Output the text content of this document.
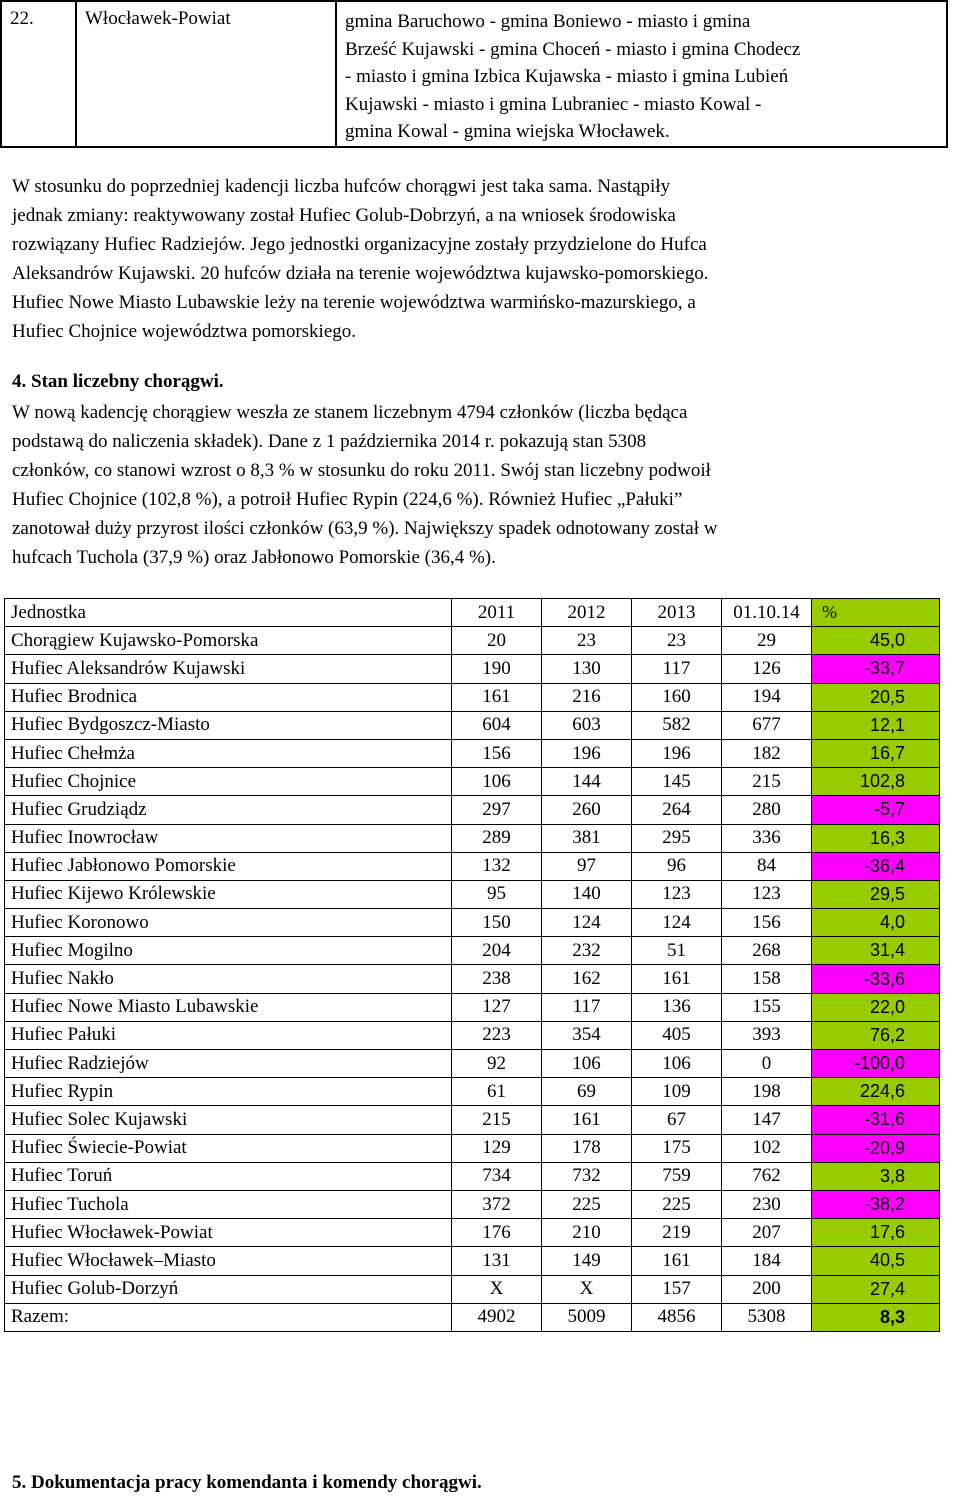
22.	Włocławek-Powiat	gmina Baruchowo - gmina Boniewo - miasto i gmina
Brześć Kujawski - gmina Choceń - miasto i gmina Chodecz
- miasto i gmina Izbica Kujawska - miasto i gmina Lubień
Kujawski - miasto i gmina Lubraniec - miasto Kowal -
gmina Kowal - gmina wiejska Włocławek.
W stosunku do poprzedniej kadencji liczba hufców chorągwi jest taka sama. Nastąpiły
jednak zmiany: reaktywowany został Hufiec Golub-Dobrzyń, a na wniosek środowiska
rozwiązany Hufiec Radziejów. Jego jednostki organizacyjne zostały przydzielone do Hufca
Aleksandrów Kujawski. 20 hufców działa na terenie województwa kujawsko-pomorskiego.
Hufiec Nowe Miasto Lubawskie leży na terenie województwa warmińsko-mazurskiego, a
Hufiec Chojnice województwa pomorskiego.
4. Stan liczebny chorągwi.
W nową kadencję chorągiew weszła ze stanem liczebnym 4794 członków (liczba będąca
podstawą do naliczenia składek). Dane z 1 października 2014 r. pokazują stan 5308
członków, co stanowi wzrost o 8,3 % w stosunku do roku 2011. Swój stan liczebny podwoił
Hufiec Chojnice (102,8 %), a potroił Hufiec Rypin (224,6 %). Również Hufiec „Pałuki”
zanotował duży przyrost ilości członków (63,9 %). Największy spadek odnotowany został w
hufcach Tuchola (37,9 %) oraz Jabłonowo Pomorskie (36,4 %).
Jednostka	2011	2012	2013	01.10.14	%
Chorągiew Kujawsko-Pomorska	20	23	23	29	45,0
Hufiec Aleksandrów Kujawski	190	130	117	126	-33,7
Hufiec Brodnica	161	216	160	194	20,5
Hufiec Bydgoszcz-Miasto	604	603	582	677	12,1
Hufiec Chełmża	156	196	196	182	16,7
Hufiec Chojnice	106	144	145	215	102,8
Hufiec Grudziądz	297	260	264	280	-5,7
Hufiec Inowrocław	289	381	295	336	16,3
Hufiec Jabłonowo Pomorskie	132	97	96	84	-36,4
Hufiec Kijewo Królewskie	95	140	123	123	29,5
Hufiec Koronowo	150	124	124	156	4,0
Hufiec Mogilno	204	232	51	268	31,4
Hufiec Nakło	238	162	161	158	-33,6
Hufiec Nowe Miasto Lubawskie	127	117	136	155	22,0
Hufiec Pałuki	223	354	405	393	76,2
Hufiec Radziejów	92	106	106	0	-100,0
Hufiec Rypin	61	69	109	198	224,6
Hufiec Solec Kujawski	215	161	67	147	-31,6
Hufiec Świecie-Powiat	129	178	175	102	-20,9
Hufiec Toruń	734	732	759	762	3,8
Hufiec Tuchola	372	225	225	230	-38,2
Hufiec Włocławek-Powiat	176	210	219	207	17,6
Hufiec Włocławek–Miasto	131	149	161	184	40,5
Hufiec Golub-Dorzyń	X	X	157	200	27,4
Razem:	4902	5009	4856	5308	8,3
5. Dokumentacja pracy komendanta i komendy chorągwi.
